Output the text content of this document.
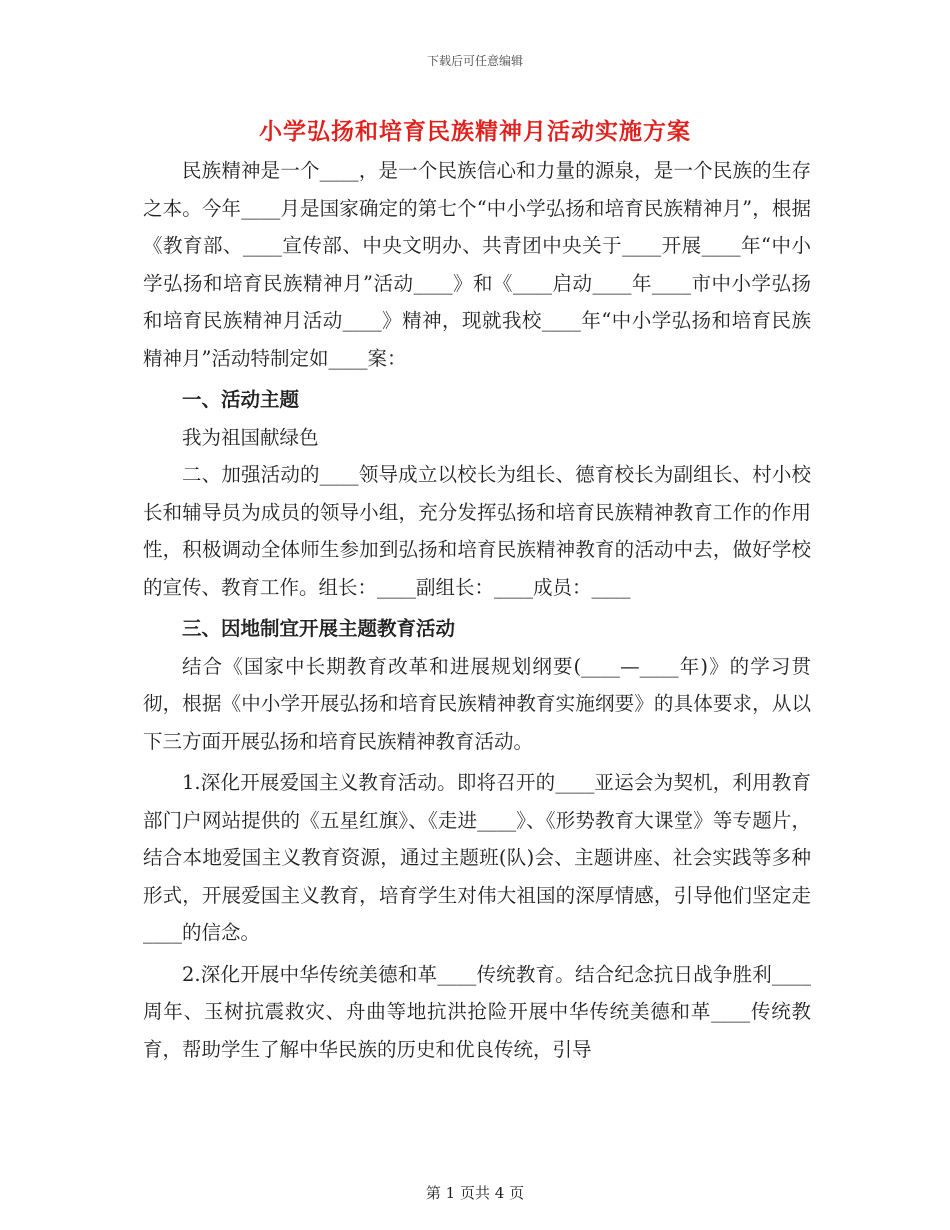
下载后可任意编辑
小学弘扬和培育民族精神月活动实施方案

民族精神是一个____，是一个民族信心和力量的源泉，是一个民族的生存之本。今年____月是国家确定的第七个“中小学弘扬和培育民族精神月”，根据《教育部、____宣传部、中央文明办、共青团中央关于____开展____年“中小学弘扬和培育民族精神月”活动____》和《____启动____年____市中小学弘扬和培育民族精神月活动____》精神，现就我校____年“中小学弘扬和培育民族精神月”活动特制定如____案：

一、活动主题

我为祖国献绿色

二、加强活动的____领导成立以校长为组长、德育校长为副组长、村小校长和辅导员为成员的领导小组，充分发挥弘扬和培育民族精神教育工作的作用性，积极调动全体师生参加到弘扬和培育民族精神教育的活动中去，做好学校的宣传、教育工作。组长：____副组长：____成员：____

三、因地制宜开展主题教育活动

结合《国家中长期教育改革和进展规划纲要(____—____年)》的学习贯彻，根据《中小学开展弘扬和培育民族精神教育实施纲要》的具体要求，从以下三方面开展弘扬和培育民族精神教育活动。

1.深化开展爱国主义教育活动。即将召开的____亚运会为契机，利用教育部门户网站提供的《五星红旗》、《走进____》、《形势教育大课堂》等专题片，结合本地爱国主义教育资源，通过主题班(队)会、主题讲座、社会实践等多种形式，开展爱国主义教育，培育学生对伟大祖国的深厚情感，引导他们坚定走____的信念。

2.深化开展中华传统美德和革____传统教育。结合纪念抗日战争胜利____周年、玉树抗震救灾、舟曲等地抗洪抢险开展中华传统美德和革____传统教育，帮助学生了解中华民族的历史和优良传统，引导

第 1 页共 4 页
